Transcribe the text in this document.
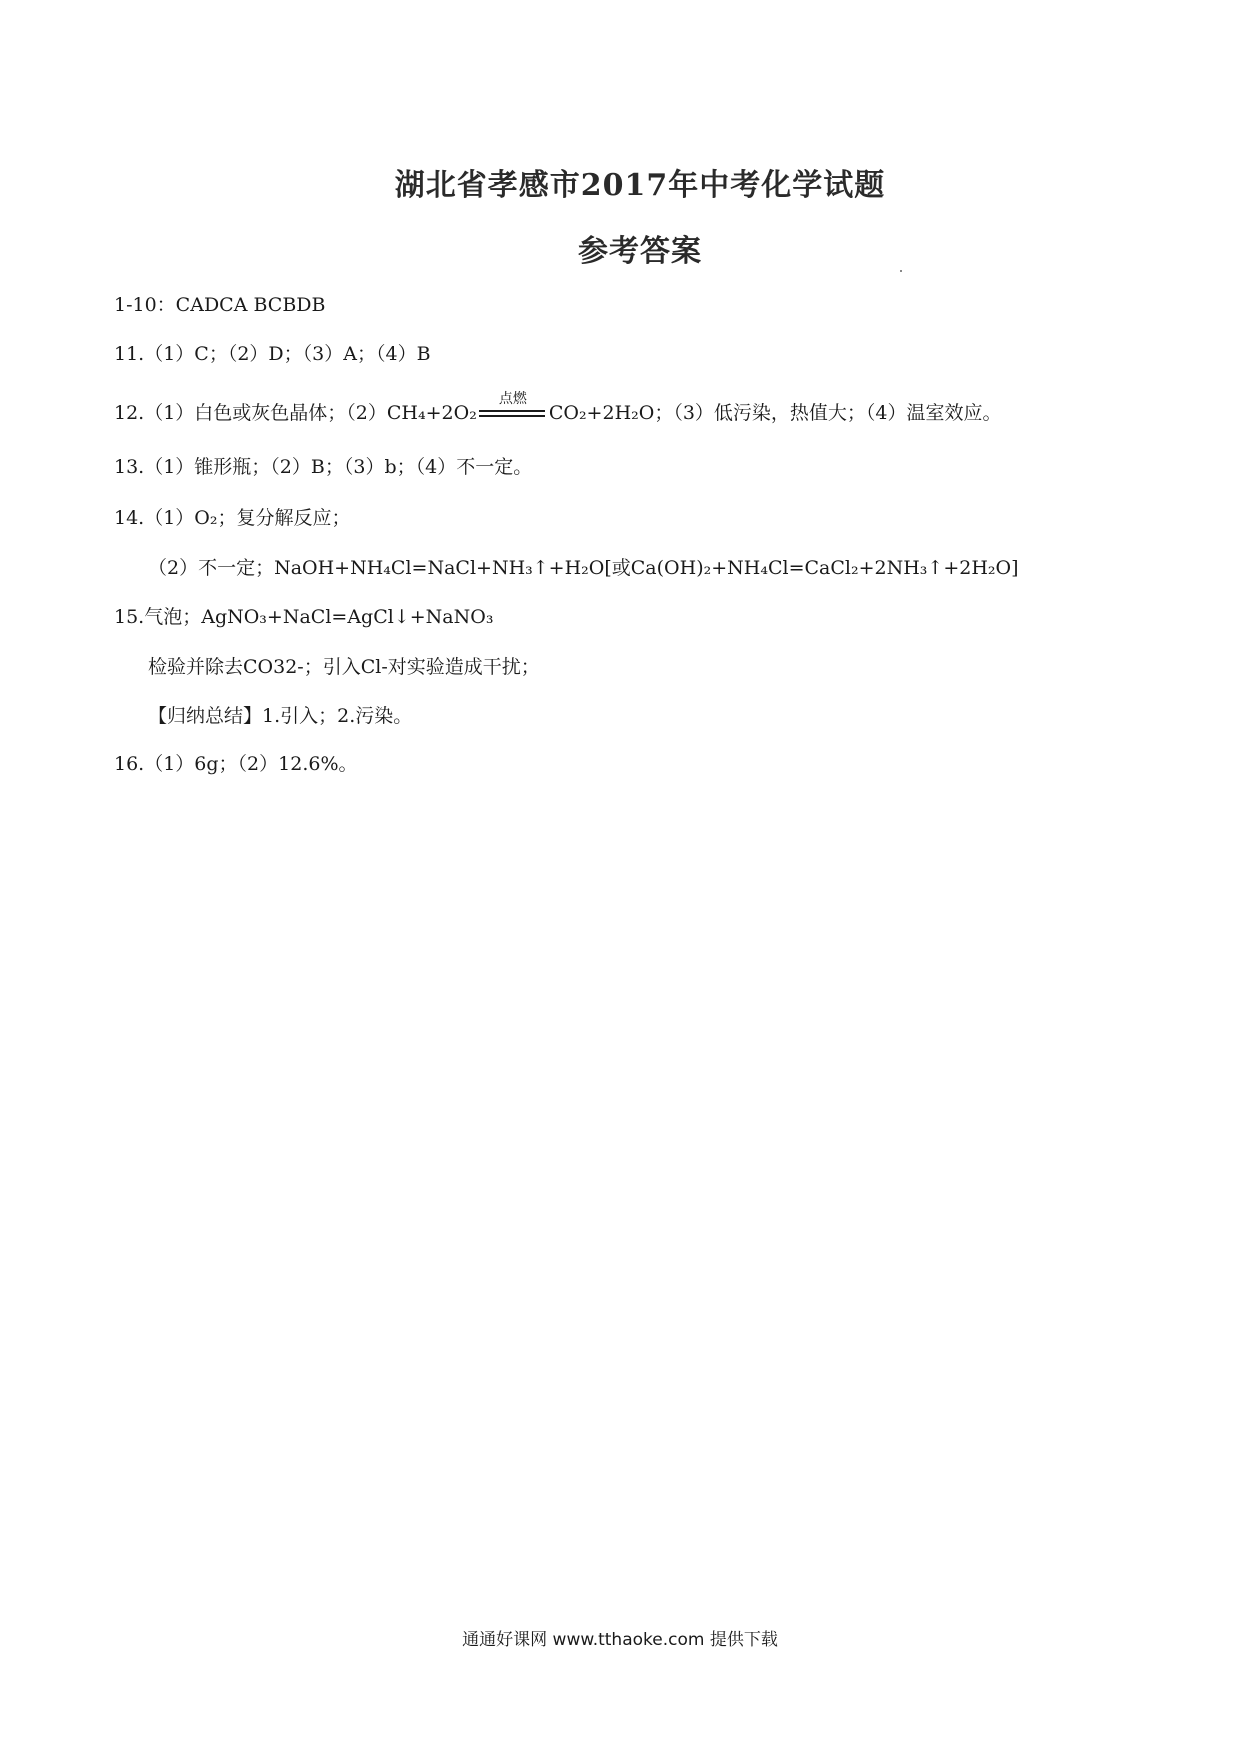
湖北省孝感市2017年中考化学试题
参考答案
1-10：CADCA BCBDB
11.（1）C；（2）D；（3）A；（4）B
12.（1）白色或灰色晶体；（2）CH₄+2O₂
点燃
CO₂+2H₂O；（3）低污染，热值大；（4）温室效应。
13.（1）锥形瓶；（2）B；（3）b；（4）不一定。
14.（1）O₂；复分解反应；
（2）不一定；NaOH+NH₄Cl=NaCl+NH₃↑+H₂O[或Ca(OH)₂+NH₄Cl=CaCl₂+2NH₃↑+2H₂O]
15.气泡；AgNO₃+NaCl=AgCl↓+NaNO₃
检验并除去CO32-；引入Cl-对实验造成干扰；
【归纳总结】1.引入；2.污染。
16.（1）6g；（2）12.6%。
通通好课网 www.tthaoke.com 提供下载
